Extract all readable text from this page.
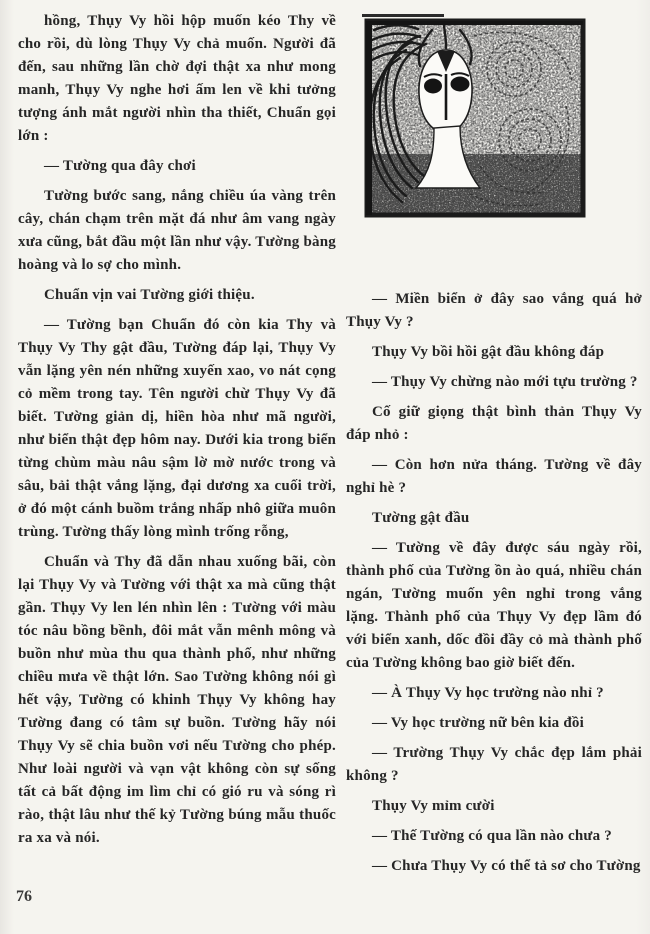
hồng, Thụy Vy hồi hộp muốn kéo Thy về cho rồi, dù lòng Thụy Vy chả muốn. Người đã đến, sau những lần chờ đợi thật xa như mong manh, Thụy Vy nghe hơi ấm len về khi tưởng tượng ánh mắt người nhìn tha thiết, Chuẩn gọi lớn :

— Tường qua đây chơi

Tường bước sang, nắng chiều úa vàng trên cây, chán chạm trên mặt đá như âm vang ngày xưa cũng, bắt đầu một lần như vậy. Tường bàng hoàng và lo sợ cho mình.

Chuẩn vịn vai Tường giới thiệu.

— Tường bạn Chuẩn đó còn kia Thy và Thụy Vy Thy gật đầu, Tường đáp lại, Thụy Vy vẫn lặng yên nén những xuyến xao, vo nát cọng cỏ mềm trong tay. Tên người chừ Thụy Vy đã biết. Tường giản dị, hiền hòa như mã người, như biển thật đẹp hôm nay. Dưới kia trong biển từng chùm màu nâu sậm lờ mờ nước trong và sâu, bải thật vắng lặng, đại dương xa cuối trời, ở đó một cánh buồm trắng nhấp nhô giữa muôn trùng. Tường thấy lòng mình trống rỗng,

Chuẩn và Thy đã dẫn nhau xuống bãi, còn lại Thụy Vy và Tường với thật xa mà cũng thật gần. Thụy Vy len lén nhìn lên : Tường với màu tóc nâu bồng bềnh, đôi mắt vẫn mênh mông và buồn như mùa thu qua thành phố, như những chiều mưa về thật lớn. Sao Tường không nói gì hết vậy, Tường có khinh Thụy Vy không hay Tường đang có tâm sự buồn. Tường hãy nói Thụy Vy sẽ chia buồn vơi nếu Tường cho phép. Như loài người và vạn vật không còn sự sống tất cả bất động im lìm chỉ có gió ru và sóng rì rào, thật lâu như thế kỷ Tường búng mẫu thuốc ra xa và nói.

— Miền biển ở đây sao vắng quá hở Thụy Vy ?

Thụy Vy bồi hồi gật đầu không đáp

— Thụy Vy chừng nào mới tựu trường ?

Cố giữ giọng thật bình thản Thụy Vy đáp nhỏ :

— Còn hơn nửa tháng. Tường về đây nghỉ hè ?

Tường gật đầu

— Tường về đây được sáu ngày rồi, thành phố của Tường ồn ào quá, nhiều chán ngán, Tường muốn yên nghỉ trong vắng lặng. Thành phố của Thụy Vy đẹp lầm đó với biển xanh, dốc đồi đầy cỏ mà thành phố của Tường không bao giờ biết đến.

— À Thụy Vy học trường nào nhỉ ?

— Vy học trường nữ bên kia đồi

— Trường Thụy Vy chắc đẹp lắm phải không ?

Thụy Vy mỉm cười

— Thế Tường có qua lần nào chưa ?

— Chưa Thụy Vy có thể tả sơ cho Tường

76
